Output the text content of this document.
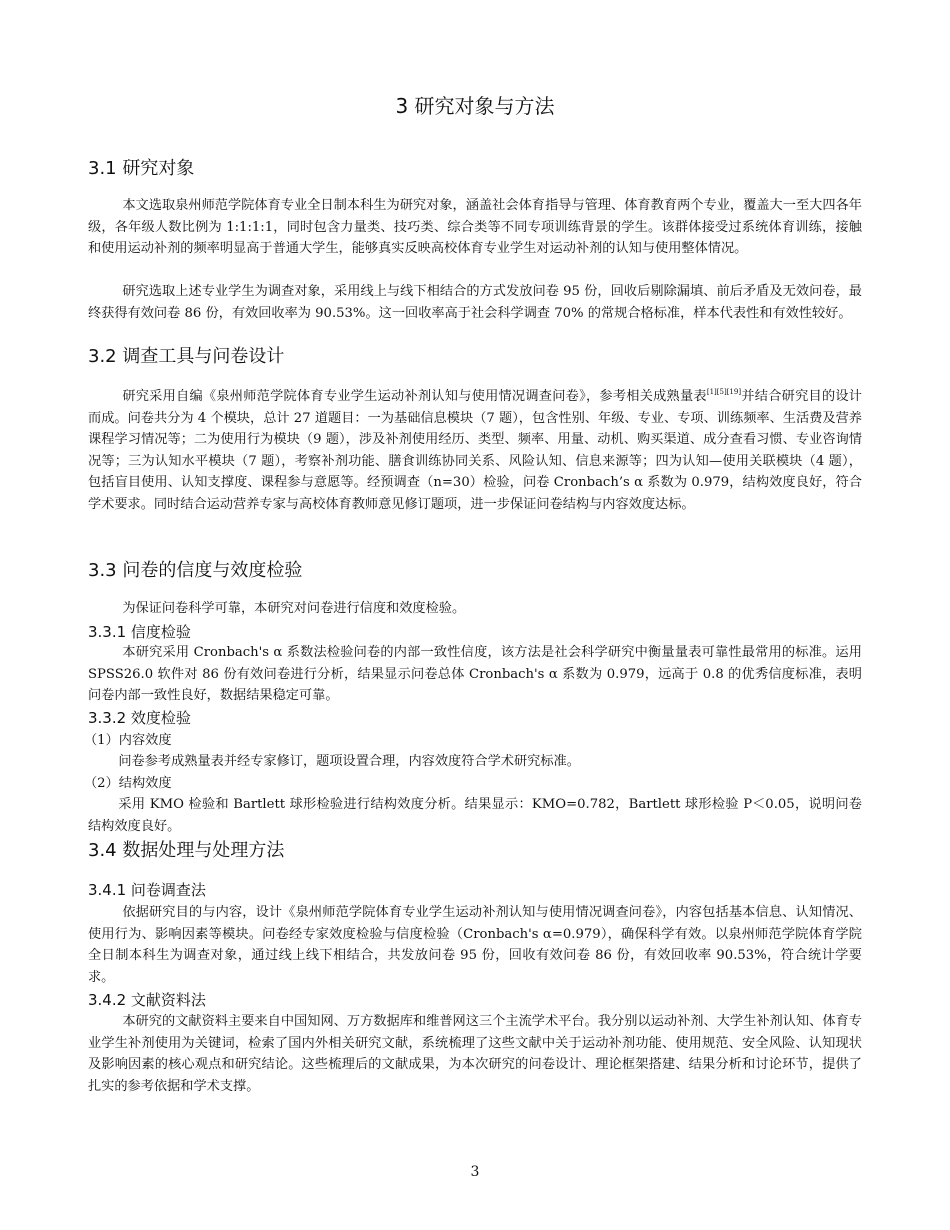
3 研究对象与方法
3.1 研究对象
本文选取泉州师范学院体育专业全日制本科生为研究对象，涵盖社会体育指导与管理、体育教育两个专业，覆盖大一至大四各年级，各年级人数比例为 1:1:1:1，同时包含力量类、技巧类、综合类等不同专项训练背景的学生。该群体接受过系统体育训练，接触和使用运动补剂的频率明显高于普通大学生，能够真实反映高校体育专业学生对运动补剂的认知与使用整体情况。
研究选取上述专业学生为调查对象，采用线上与线下相结合的方式发放问卷 95 份，回收后剔除漏填、前后矛盾及无效问卷，最终获得有效问卷 86 份，有效回收率为 90.53%。这一回收率高于社会科学调查 70% 的常规合格标准，样本代表性和有效性较好。
3.2 调查工具与问卷设计
研究采用自编《泉州师范学院体育专业学生运动补剂认知与使用情况调查问卷》，参考相关成熟量表[1][5][19]并结合研究目的设计而成。问卷共分为 4 个模块，总计 27 道题目：一为基础信息模块（7 题），包含性别、年级、专业、专项、训练频率、生活费及营养课程学习情况等；二为使用行为模块（9 题），涉及补剂使用经历、类型、频率、用量、动机、购买渠道、成分查看习惯、专业咨询情况等；三为认知水平模块（7 题），考察补剂功能、膳食训练协同关系、风险认知、信息来源等；四为认知—使用关联模块（4 题），包括盲目使用、认知支撑度、课程参与意愿等。经预调查（n=30）检验，问卷 Cronbach’s α 系数为 0.979，结构效度良好，符合学术要求。同时结合运动营养专家与高校体育教师意见修订题项，进一步保证问卷结构与内容效度达标。
3.3 问卷的信度与效度检验
为保证问卷科学可靠，本研究对问卷进行信度和效度检验。
3.3.1 信度检验
本研究采用 Cronbach's α 系数法检验问卷的内部一致性信度，该方法是社会科学研究中衡量量表可靠性最常用的标准。运用 SPSS26.0 软件对 86 份有效问卷进行分析，结果显示问卷总体 Cronbach's α 系数为 0.979，远高于 0.8 的优秀信度标准，表明问卷内部一致性良好，数据结果稳定可靠。
3.3.2 效度检验
（1）内容效度
问卷参考成熟量表并经专家修订，题项设置合理，内容效度符合学术研究标准。
（2）结构效度
采用 KMO 检验和 Bartlett 球形检验进行结构效度分析。结果显示：KMO=0.782，Bartlett 球形检验 P＜0.05，说明问卷结构效度良好。
3.4 数据处理与处理方法
3.4.1 问卷调查法
依据研究目的与内容，设计《泉州师范学院体育专业学生运动补剂认知与使用情况调查问卷》，内容包括基本信息、认知情况、使用行为、影响因素等模块。问卷经专家效度检验与信度检验（Cronbach's α=0.979），确保科学有效。以泉州师范学院体育学院全日制本科生为调查对象，通过线上线下相结合，共发放问卷 95 份，回收有效问卷 86 份，有效回收率 90.53%，符合统计学要求。
3.4.2 文献资料法
本研究的文献资料主要来自中国知网、万方数据库和维普网这三个主流学术平台。我分别以运动补剂、大学生补剂认知、体育专业学生补剂使用为关键词，检索了国内外相关研究文献，系统梳理了这些文献中关于运动补剂功能、使用规范、安全风险、认知现状及影响因素的核心观点和研究结论。这些梳理后的文献成果，为本次研究的问卷设计、理论框架搭建、结果分析和讨论环节，提供了扎实的参考依据和学术支撑。
3
